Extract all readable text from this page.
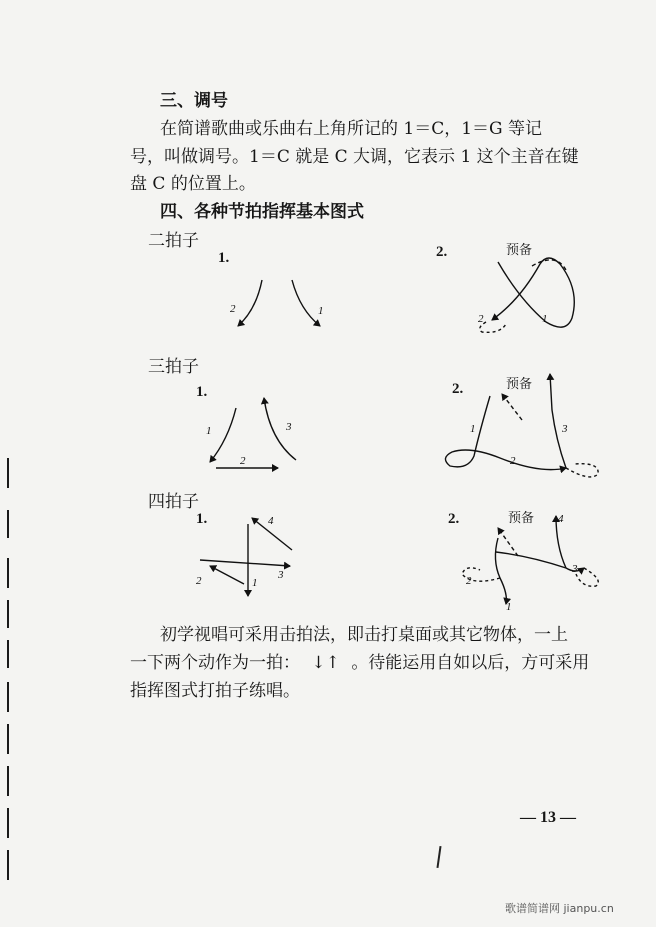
三、调号
在简谱歌曲或乐曲右上角所记的 1＝C，1＝G 等记
号，叫做调号。1＝C 就是 C 大调，它表示 1 这个主音在键
盘 C 的位置上。
四、各种节拍指挥基本图式
二拍子
1.	2.
三拍子
1.	2.
四拍子
1.	2.
2	1
预备
2	1
1
2
3
预备
1
2
3
1
2	3
4	预备
1
2
3
4
初学视唱可采用击拍法，即击打桌面或其它物体，一上
一下两个动作为一拍： ↓↑ 。待能运用自如以后，方可采用
指挥图式打拍子练唱。
— 13 —
歌谱简谱网 jianpu.cn
